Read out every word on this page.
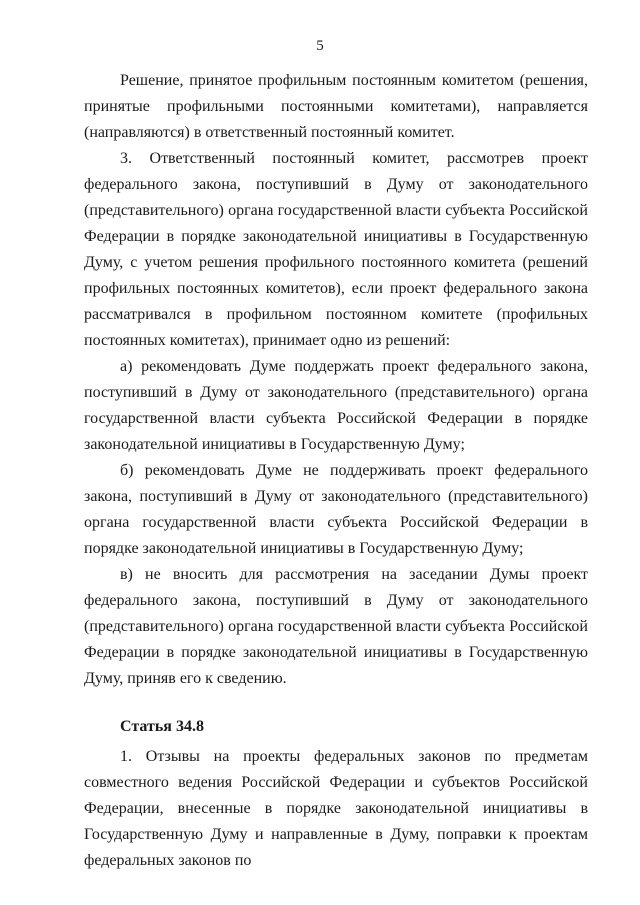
5

Решение, принятое профильным постоянным комитетом (решения, принятые профильными постоянными комитетами), направляется (направляются) в ответственный постоянный комитет.

3. Ответственный постоянный комитет, рассмотрев проект федерального закона, поступивший в Думу от законодательного (представительного) органа государственной власти субъекта Российской Федерации в порядке законодательной инициативы в Государственную Думу, с учетом решения профильного постоянного комитета (решений профильных постоянных комитетов), если проект федерального закона рассматривался в профильном постоянном комитете (профильных постоянных комитетах), принимает одно из решений:

а) рекомендовать Думе поддержать проект федерального закона, поступивший в Думу от законодательного (представительного) органа государственной власти субъекта Российской Федерации в порядке законодательной инициативы в Государственную Думу;

б) рекомендовать Думе не поддерживать проект федерального закона, поступивший в Думу от законодательного (представительного) органа государственной власти субъекта Российской Федерации в порядке законодательной инициативы в Государственную Думу;

в) не вносить для рассмотрения на заседании Думы проект федерального закона, поступивший в Думу от законодательного (представительного) органа государственной власти субъекта Российской Федерации в порядке законодательной инициативы в Государственную Думу, приняв его к сведению.

Статья 34.8

1. Отзывы на проекты федеральных законов по предметам совместного ведения Российской Федерации и субъектов Российской Федерации, внесенные в порядке законодательной инициативы в Государственную Думу и направленные в Думу, поправки к проектам федеральных законов по
